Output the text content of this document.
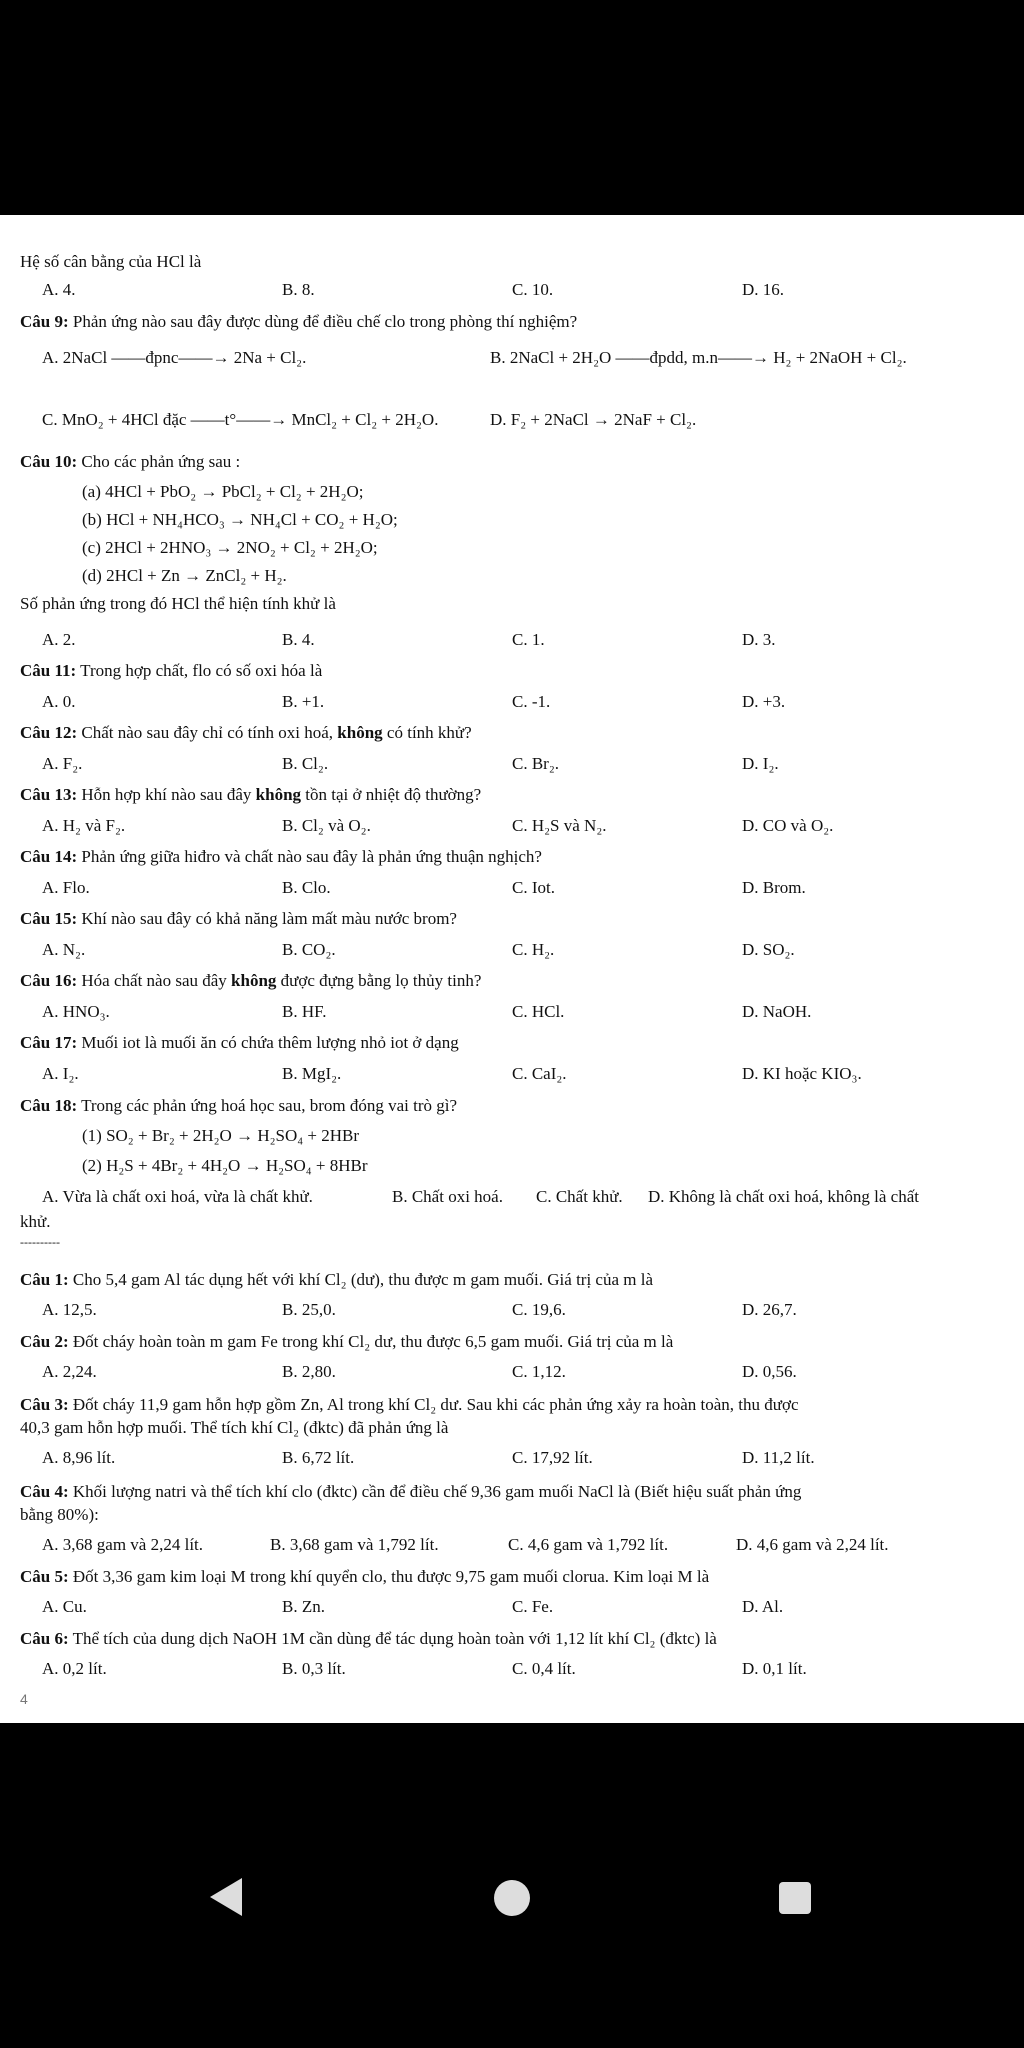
Hệ số cân bằng của HCl là
A. 4.	B. 8.	C. 10.	D. 16.
Câu 9: Phản ứng nào sau đây được dùng để điều chế clo trong phòng thí nghiệm?
A. 2NaCl ——đpnc——→ 2Na + Cl₂.	B. 2NaCl + 2H₂O ——đpdd, m.n——→ H₂ + 2NaOH + Cl₂.
C. MnO₂ + 4HCl đặc ——t°——→ MnCl₂ + Cl₂ + 2H₂O.	D. F₂ + 2NaCl → 2NaF + Cl₂.
Câu 10: Cho các phản ứng sau :
(a) 4HCl + PbO₂ → PbCl₂ + Cl₂ + 2H₂O;
(b) HCl + NH₄HCO₃ → NH₄Cl + CO₂ + H₂O;
(c) 2HCl + 2HNO₃ → 2NO₂ + Cl₂ + 2H₂O;
(d) 2HCl + Zn → ZnCl₂ + H₂.
Số phản ứng trong đó HCl thể hiện tính khử là
A. 2.	B. 4.	C. 1.	D. 3.
Câu 11: Trong hợp chất, flo có số oxi hóa là
A. 0.	B. +1.	C. -1.	D. +3.
Câu 12: Chất nào sau đây chỉ có tính oxi hoá, không có tính khử?
A. F₂.	B. Cl₂.	C. Br₂.	D. I₂.
Câu 13: Hỗn hợp khí nào sau đây không tồn tại ở nhiệt độ thường?
A. H₂ và F₂.	B. Cl₂ và O₂.	C. H₂S và N₂.	D. CO và O₂.
Câu 14: Phản ứng giữa hiđro và chất nào sau đây là phản ứng thuận nghịch?
A. Flo.	B. Clo.	C. Iot.	D. Brom.
Câu 15: Khí nào sau đây có khả năng làm mất màu nước brom?
A. N₂.	B. CO₂.	C. H₂.	D. SO₂.
Câu 16: Hóa chất nào sau đây không được đựng bằng lọ thủy tinh?
A. HNO₃.	B. HF.	C. HCl.	D. NaOH.
Câu 17: Muối iot là muối ăn có chứa thêm lượng nhỏ iot ở dạng
A. I₂.	B. MgI₂.	C. CaI₂.	D. KI hoặc KIO₃.
Câu 18: Trong các phản ứng hoá học sau, brom đóng vai trò gì?
(1) SO₂ + Br₂ + 2H₂O → H₂SO₄ + 2HBr
(2) H₂S + 4Br₂ + 4H₂O → H₂SO₄ + 8HBr
A. Vừa là chất oxi hoá, vừa là chất khử.	B. Chất oxi hoá. C. Chất khử. D. Không là chất oxi hoá, không là chất
khử.
----------
Câu 1: Cho 5,4 gam Al tác dụng hết với khí Cl₂ (dư), thu được m gam muối. Giá trị của m là
A. 12,5.	B. 25,0.	C. 19,6.	D. 26,7.
Câu 2: Đốt cháy hoàn toàn m gam Fe trong khí Cl₂ dư, thu được 6,5 gam muối. Giá trị của m là
A. 2,24.	B. 2,80.	C. 1,12.	D. 0,56.
Câu 3: Đốt cháy 11,9 gam hỗn hợp gồm Zn, Al trong khí Cl₂ dư. Sau khi các phản ứng xảy ra hoàn toàn, thu được
40,3 gam hỗn hợp muối. Thể tích khí Cl₂ (đktc) đã phản ứng là
A. 8,96 lít.	B. 6,72 lít.	C. 17,92 lít.	D. 11,2 lít.
Câu 4: Khối lượng natri và thể tích khí clo (đktc) cần để điều chế 9,36 gam muối NaCl là (Biết hiệu suất phản ứng
bằng 80%):
A. 3,68 gam và 2,24 lít.	B. 3,68 gam và 1,792 lít.	C. 4,6 gam và 1,792 lít.	D. 4,6 gam và 2,24 lít.
Câu 5: Đốt 3,36 gam kim loại M trong khí quyển clo, thu được 9,75 gam muối clorua. Kim loại M là
A. Cu.	B. Zn.	C. Fe.	D. Al.
Câu 6: Thể tích của dung dịch NaOH 1M cần dùng để tác dụng hoàn toàn với 1,12 lít khí Cl₂ (đktc) là
A. 0,2 lít.	B. 0,3 lít.	C. 0,4 lít.	D. 0,1 lít.
4
